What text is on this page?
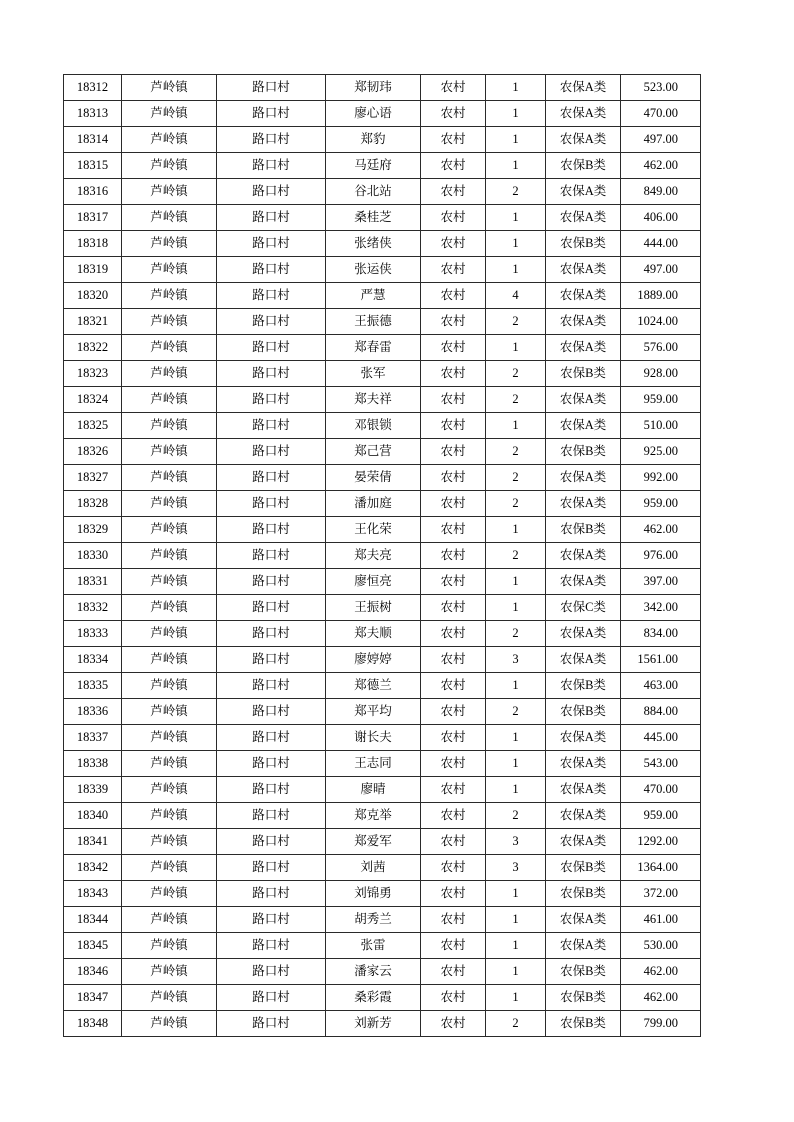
18312	芦岭镇	路口村	郑韧玮	农村	1	农保A类	523.00
18313	芦岭镇	路口村	廖心语	农村	1	农保A类	470.00
18314	芦岭镇	路口村	郑豹	农村	1	农保A类	497.00
18315	芦岭镇	路口村	马廷府	农村	1	农保B类	462.00
18316	芦岭镇	路口村	谷北站	农村	2	农保A类	849.00
18317	芦岭镇	路口村	桑桂芝	农村	1	农保A类	406.00
18318	芦岭镇	路口村	张绪侠	农村	1	农保B类	444.00
18319	芦岭镇	路口村	张运侠	农村	1	农保A类	497.00
18320	芦岭镇	路口村	严慧	农村	4	农保A类	1889.00
18321	芦岭镇	路口村	王振德	农村	2	农保A类	1024.00
18322	芦岭镇	路口村	郑春雷	农村	1	农保A类	576.00
18323	芦岭镇	路口村	张军	农村	2	农保B类	928.00
18324	芦岭镇	路口村	郑夫祥	农村	2	农保A类	959.00
18325	芦岭镇	路口村	邓银锁	农村	1	农保A类	510.00
18326	芦岭镇	路口村	郑己营	农村	2	农保B类	925.00
18327	芦岭镇	路口村	晏荣倩	农村	2	农保A类	992.00
18328	芦岭镇	路口村	潘加庭	农村	2	农保A类	959.00
18329	芦岭镇	路口村	王化荣	农村	1	农保B类	462.00
18330	芦岭镇	路口村	郑夫亮	农村	2	农保A类	976.00
18331	芦岭镇	路口村	廖恒亮	农村	1	农保A类	397.00
18332	芦岭镇	路口村	王振树	农村	1	农保C类	342.00
18333	芦岭镇	路口村	郑夫顺	农村	2	农保A类	834.00
18334	芦岭镇	路口村	廖婷婷	农村	3	农保A类	1561.00
18335	芦岭镇	路口村	郑德兰	农村	1	农保B类	463.00
18336	芦岭镇	路口村	郑平均	农村	2	农保B类	884.00
18337	芦岭镇	路口村	谢长夫	农村	1	农保A类	445.00
18338	芦岭镇	路口村	王志同	农村	1	农保A类	543.00
18339	芦岭镇	路口村	廖晴	农村	1	农保A类	470.00
18340	芦岭镇	路口村	郑克举	农村	2	农保A类	959.00
18341	芦岭镇	路口村	郑爱军	农村	3	农保A类	1292.00
18342	芦岭镇	路口村	刘茜	农村	3	农保B类	1364.00
18343	芦岭镇	路口村	刘锦勇	农村	1	农保B类	372.00
18344	芦岭镇	路口村	胡秀兰	农村	1	农保A类	461.00
18345	芦岭镇	路口村	张雷	农村	1	农保A类	530.00
18346	芦岭镇	路口村	潘家云	农村	1	农保B类	462.00
18347	芦岭镇	路口村	桑彩霞	农村	1	农保B类	462.00
18348	芦岭镇	路口村	刘新芳	农村	2	农保B类	799.00
